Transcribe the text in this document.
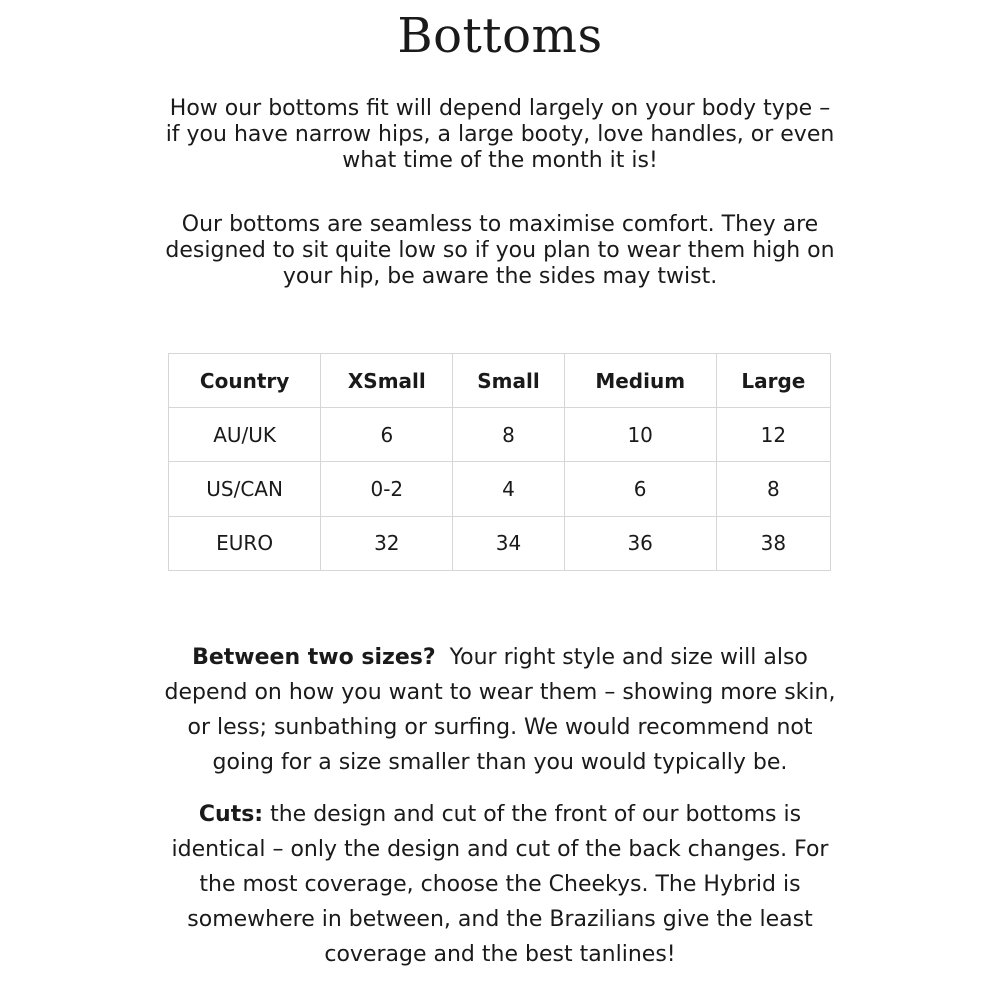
Bottoms

How our bottoms fit will depend largely on your body type – if you have narrow hips, a large booty, love handles, or even what time of the month it is!

Our bottoms are seamless to maximise comfort. They are designed to sit quite low so if you plan to wear them high on your hip, be aware the sides may twist.

Country	XSmall	Small	Medium	Large
AU/UK	6	8	10	12
US/CAN	0-2	4	6	8
EURO	32	34	36	38

Between two sizes? Your right style and size will also depend on how you want to wear them – showing more skin, or less; sunbathing or surfing. We would recommend not going for a size smaller than you would typically be.

Cuts: the design and cut of the front of our bottoms is identical – only the design and cut of the back changes. For the most coverage, choose the Cheekys. The Hybrid is somewhere in between, and the Brazilians give the least coverage and the best tanlines!
